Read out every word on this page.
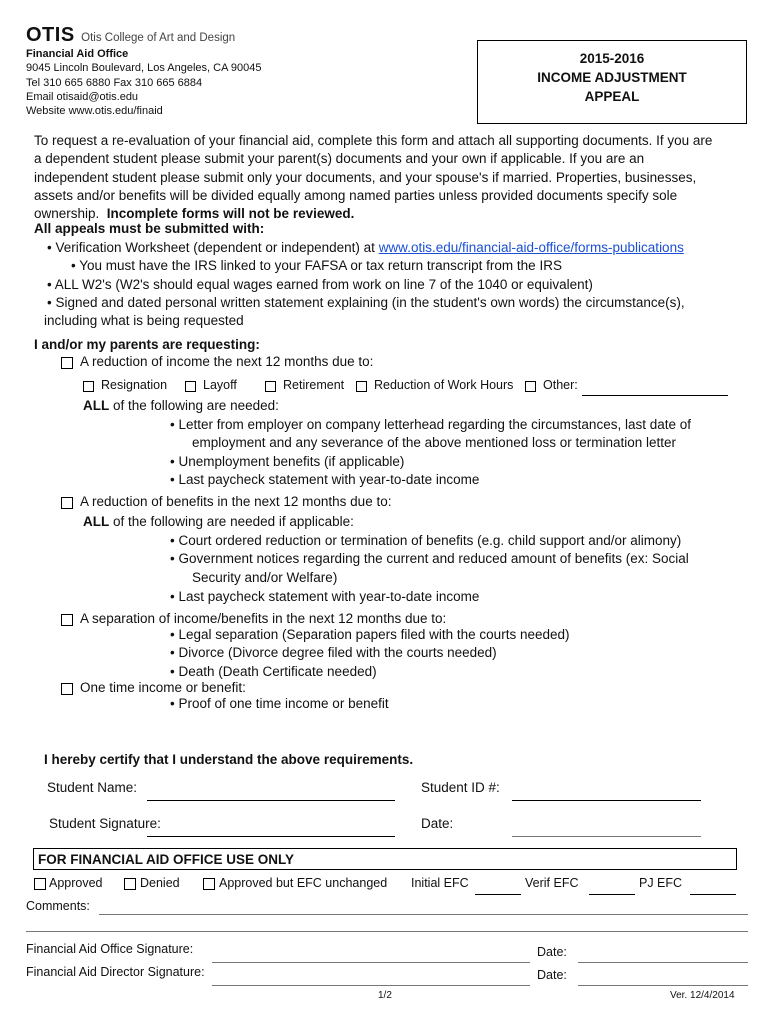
OTIS Otis College of Art and Design
Financial Aid Office
9045 Lincoln Boulevard, Los Angeles, CA 90045
Tel 310 665 6880 Fax 310 665 6884
Email otisaid@otis.edu
Website www.otis.edu/finaid
2015-2016
INCOME ADJUSTMENT
APPEAL
To request a re-evaluation of your financial aid, complete this form and attach all supporting documents. If you are
a dependent student please submit your parent(s) documents and your own if applicable. If you are an
independent student please submit only your documents, and your spouse's if married. Properties, businesses,
assets and/or benefits will be divided equally among named parties unless provided documents specify sole
ownership.  Incomplete forms will not be reviewed.
All appeals must be submitted with:
• Verification Worksheet (dependent or independent) at www.otis.edu/financial-aid-office/forms-publications
• You must have the IRS linked to your FAFSA or tax return transcript from the IRS
• ALL W2's (W2's should equal wages earned from work on line 7 of the 1040 or equivalent)
• Signed and dated personal written statement explaining (in the student's own words) the circumstance(s),
including what is being requested
I and/or my parents are requesting:
A reduction of income the next 12 months due to:
Resignation	Layoff	Retirement Reduction of Work Hours Other:
ALL of the following are needed:
• Letter from employer on company letterhead regarding the circumstances, last date of
employment and any severance of the above mentioned loss or termination letter
• Unemployment benefits (if applicable)
• Last paycheck statement with year-to-date income
A reduction of benefits in the next 12 months due to:
ALL of the following are needed if applicable:
• Court ordered reduction or termination of benefits (e.g. child support and/or alimony)
• Government notices regarding the current and reduced amount of benefits (ex: Social
Security and/or Welfare)
• Last paycheck statement with year-to-date income
A separation of income/benefits in the next 12 months due to:
• Legal separation (Separation papers filed with the courts needed)
• Divorce (Divorce degree filed with the courts needed)
• Death (Death Certificate needed)
One time income or benefit:
• Proof of one time income or benefit
I hereby certify that I understand the above requirements.
Student Name:	Student ID #:
Student Signature:	Date:
FOR FINANCIAL AID OFFICE USE ONLY
Approved	Denied	Approved but EFC unchanged Initial EFC	Verif EFC	PJ EFC
Comments:
Financial Aid Office Signature:	Date:
Financial Aid Director Signature:	Date:
1/2	Ver. 12/4/2014
